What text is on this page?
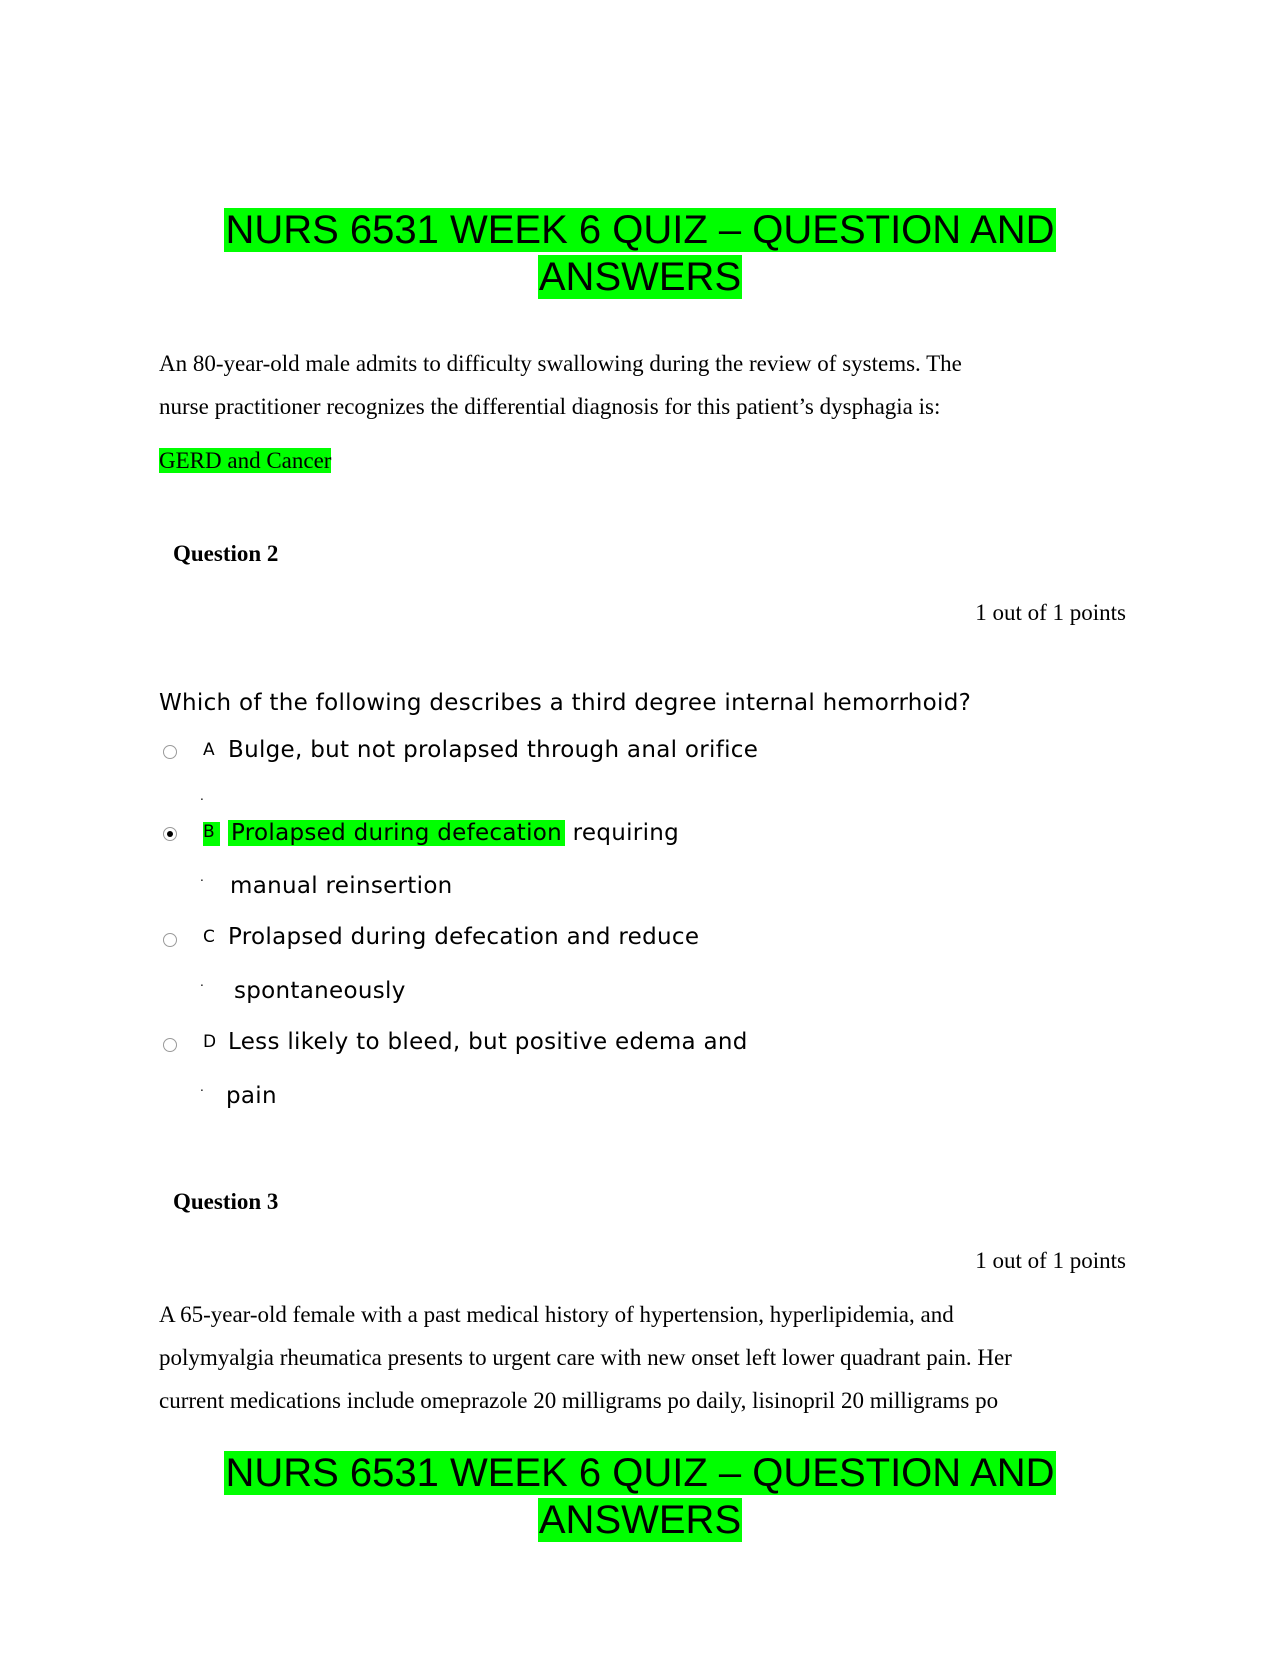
NURS 6531 WEEK 6 QUIZ – QUESTION AND
ANSWERS
An 80-year-old male admits to difficulty swallowing during the review of systems. The
nurse practitioner recognizes the differential diagnosis for this patient’s dysphagia is:
GERD and Cancer
Question 2
1 out of 1 points
Which of the following describes a third degree internal hemorrhoid?
A Bulge, but not prolapsed through anal orifice
.
B Prolapsed during defecation requiring
. manual reinsertion
C Prolapsed during defecation and reduce
. spontaneously
D Less likely to bleed, but positive edema and
. pain
Question 3
1 out of 1 points
A 65-year-old female with a past medical history of hypertension, hyperlipidemia, and
polymyalgia rheumatica presents to urgent care with new onset left lower quadrant pain. Her
current medications include omeprazole 20 milligrams po daily, lisinopril 20 milligrams po
NURS 6531 WEEK 6 QUIZ – QUESTION AND
ANSWERS
